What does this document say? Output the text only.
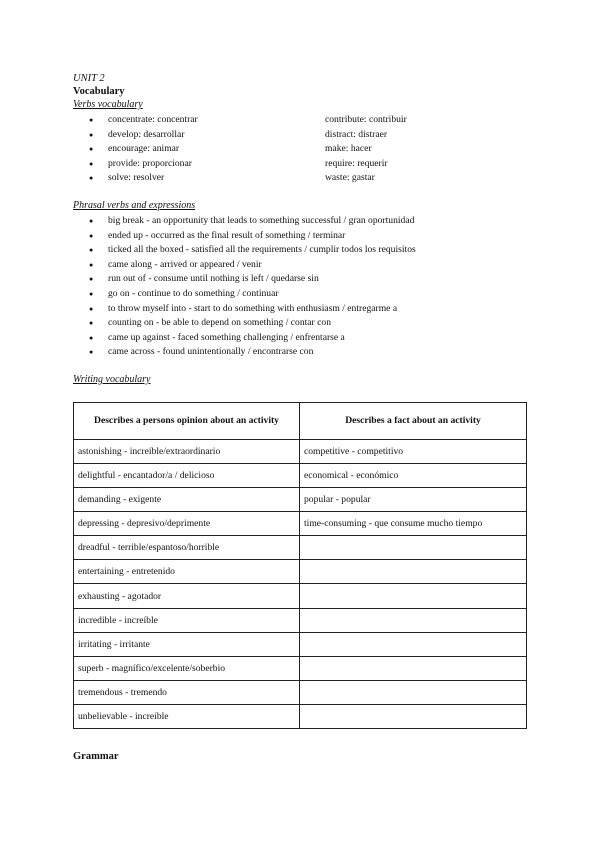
UNIT 2
Vocabulary
Verbs vocabulary
● concentrate: concentrar	contribute: contribuir
● develop: desarrollar	distract: distraer
● encourage: animar	make: hacer
● provide: proporcionar	require: requerir
● solve: resolver	waste: gastar
Phrasal verbs and expressions
● big break - an opportunity that leads to something successful / gran oportunidad
● ended up - occurred as the final result of something / terminar
● ticked all the boxed - satisfied all the requirements / cumplir todos los requisitos
● came along - arrived or appeared / venir
● run out of - consume until nothing is left / quedarse sin
● go on - continue to do something / continuar
● to throw myself into - start to do something with enthusiasm / entregarme a
● counting on - be able to depend on something / contar con
● came up against - faced something challenging / enfrentarse a
● came across - found unintentionally / encontrarse con
Writing vocabulary
Describes a persons opinion about an activity	Describes a fact about an activity
astonishing - increíble/extraordinario	competitive - competitivo
delightful - encantador/a / delicioso	economical - económico
demanding - exigente	popular - popular
depressing - depresivo/deprimente	time-consuming - que consume mucho tiempo
dreadful - terrible/espantoso/horrible	
entertaining - entretenido	
exhausting - agotador	
incredible - increíble	
irritating - irritante	
superb - magnífico/excelente/soberbio	
tremendous - tremendo	
unbelievable - increíble	
Grammar
